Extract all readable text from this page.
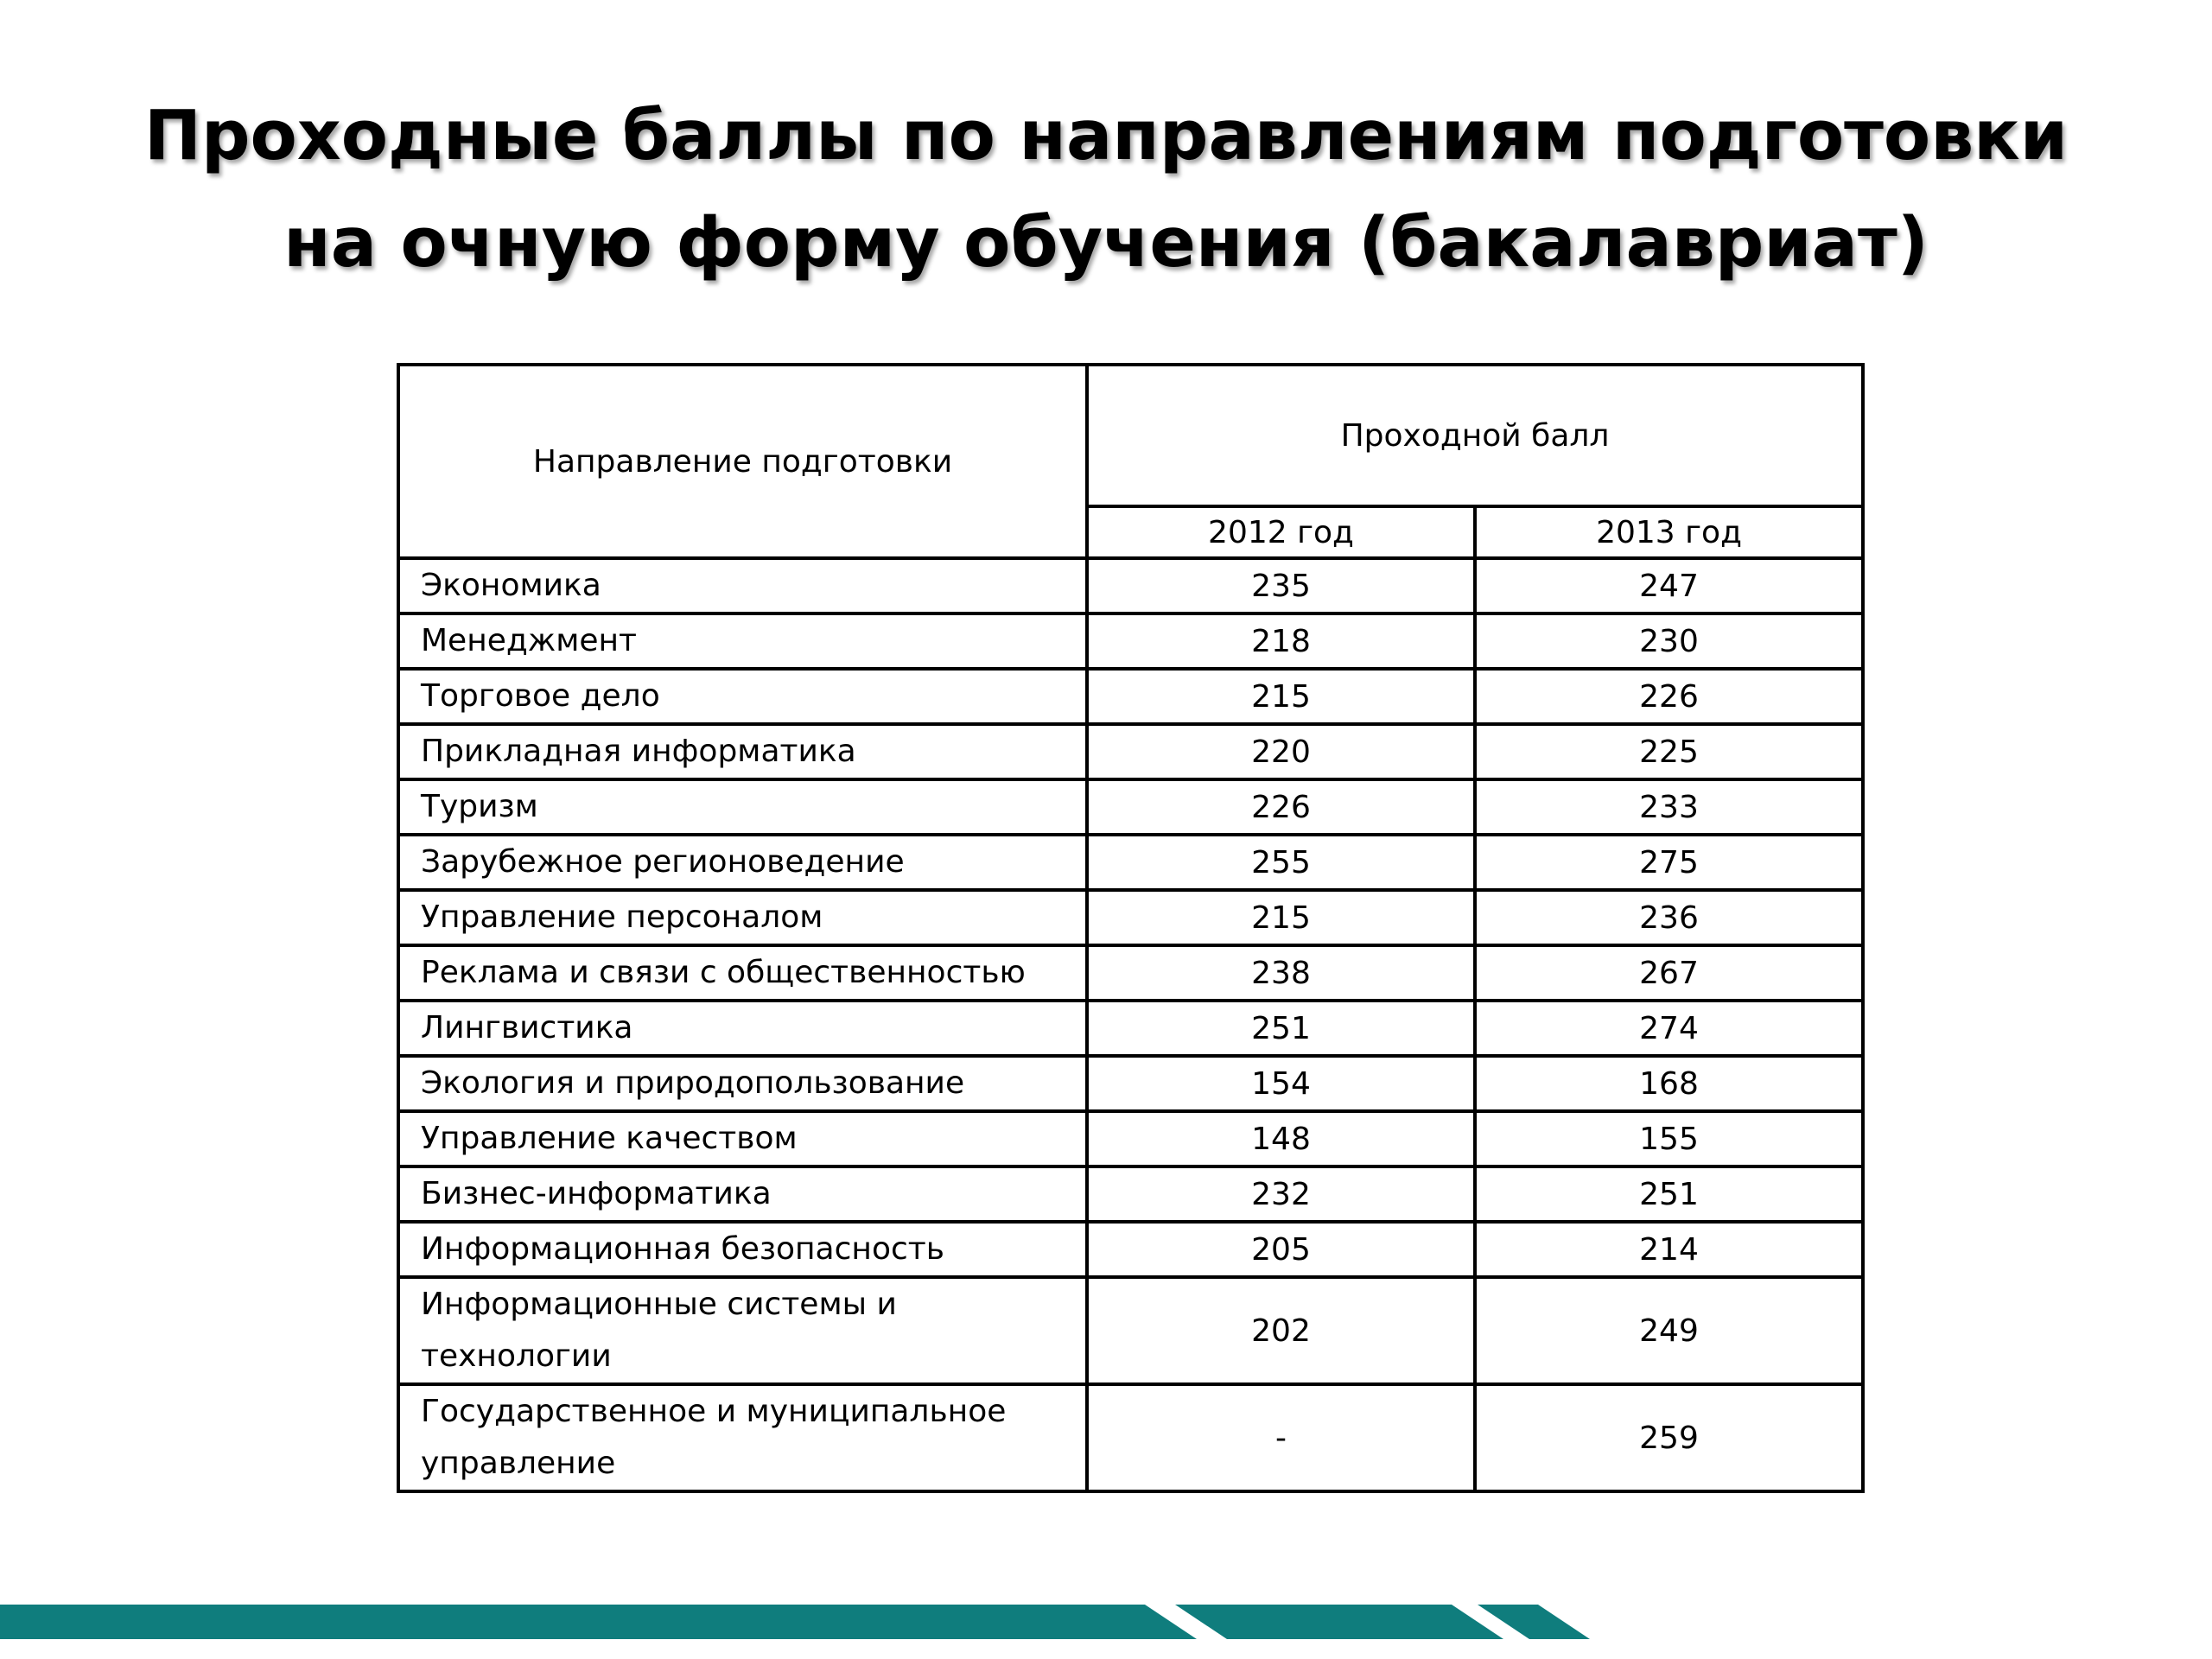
Проходные баллы по направлениям подготовки
на очную форму обучения (бакалавриат)
Направление подготовки	Проходной балл	
	2012 год	2013 год
Экономика	235	247
Менеджмент	218	230
Торговое дело	215	226
Прикладная информатика	220	225
Туризм	226	233
Зарубежное регионоведение	255	275
Управление персоналом	215	236
Реклама и связи с общественностью	238	267
Лингвистика	251	274
Экология и природопользование	154	168
Управление качеством	148	155
Бизнес-информатика	232	251
Информационная безопасность	205	214
Информационные системы и технологии	202	249
Государственное и муниципальное управление	-	259
